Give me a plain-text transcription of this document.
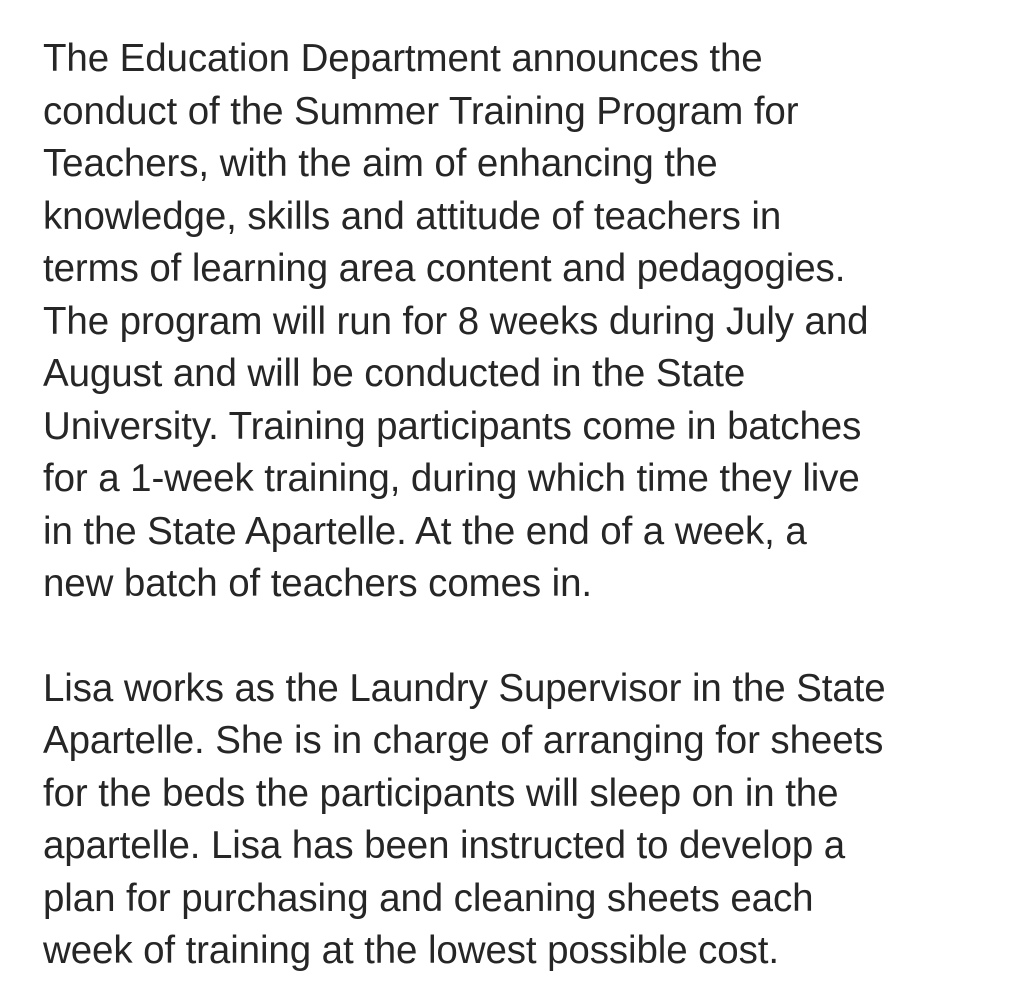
The Education Department announces the
conduct of the Summer Training Program for
Teachers, with the aim of enhancing the
knowledge, skills and attitude of teachers in
terms of learning area content and pedagogies.
The program will run for 8 weeks during July and
August and will be conducted in the State
University. Training participants come in batches
for a 1-week training, during which time they live
in the State Apartelle. At the end of a week, a
new batch of teachers comes in.

Lisa works as the Laundry Supervisor in the State
Apartelle. She is in charge of arranging for sheets
for the beds the participants will sleep on in the
apartelle. Lisa has been instructed to develop a
plan for purchasing and cleaning sheets each
week of training at the lowest possible cost.
